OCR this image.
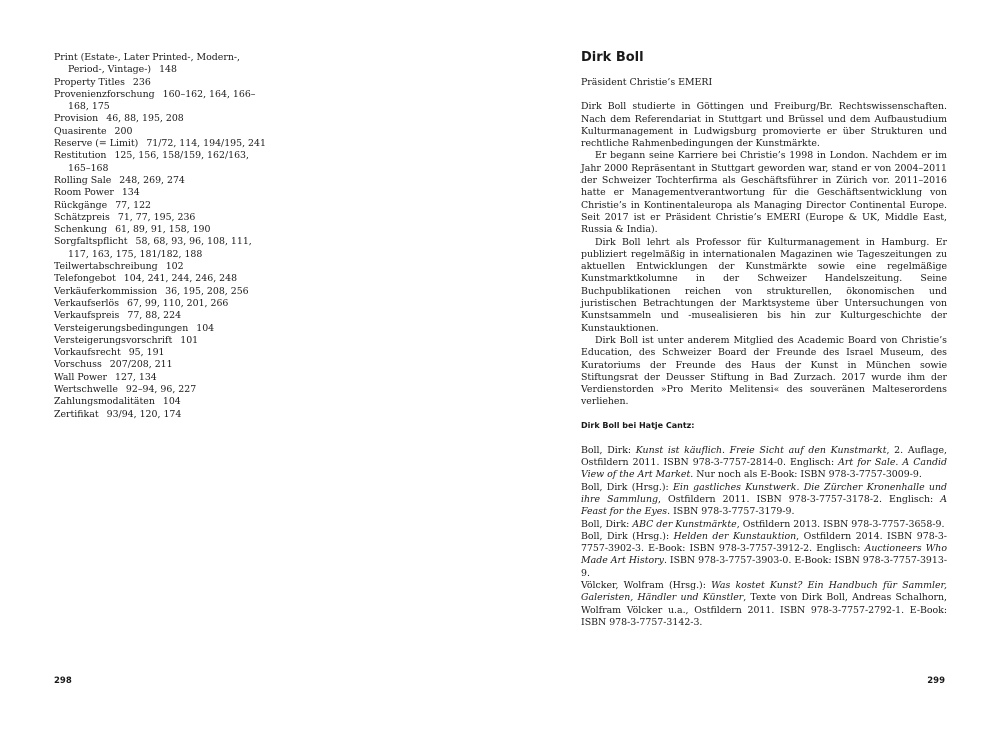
Print (Estate-, Later Printed-, Modern-, Period-, Vintage-) 148
Property Titles 236
Provenienzforschung 160–162, 164, 166–168, 175
Provision 46, 88, 195, 208
Quasirente 200
Reserve (= Limit) 71/72, 114, 194/195, 241
Restitution 125, 156, 158/159, 162/163, 165–168
Rolling Sale 248, 269, 274
Room Power 134
Rückgänge 77, 122
Schätzpreis 71, 77, 195, 236
Schenkung 61, 89, 91, 158, 190
Sorgfaltspflicht 58, 68, 93, 96, 108, 111, 117, 163, 175, 181/182, 188
Teilwertabschreibung 102
Telefongebot 104, 241, 244, 246, 248
Verkäuferkommission 36, 195, 208, 256
Verkaufserlös 67, 99, 110, 201, 266
Verkaufspreis 77, 88, 224
Versteigerungsbedingungen 104
Versteigerungsvorschrift 101
Vorkaufsrecht 95, 191
Vorschuss 207/208, 211
Wall Power 127, 134
Wertschwelle 92–94, 96, 227
Zahlungsmodalitäten 104
Zertifikat 93/94, 120, 174
298
Dirk Boll
Präsident Christie’s EMERI

Dirk Boll studierte in Göttingen und Freiburg/Br. Rechtswissenschaften. Nach dem Referendariat in Stuttgart und Brüssel und dem Aufbaustudium Kulturmanagement in Ludwigsburg promovierte er über Strukturen und rechtliche Rahmenbedingungen der Kunstmärkte.

Er begann seine Karriere bei Christie’s 1998 in London. Nachdem er im Jahr 2000 Repräsentant in Stuttgart geworden war, stand er von 2004–2011 der Schweizer Tochterfirma als Geschäftsführer in Zürich vor. 2011–2016 hatte er Managementverantwortung für die Geschäftsentwicklung von Christie’s in Kontinentaleuropa als Managing Director Continental Europe. Seit 2017 ist er Präsident Christie’s EMERI (Europe & UK, Middle East, Russia & India).

Dirk Boll lehrt als Professor für Kulturmanagement in Hamburg. Er publiziert regelmäßig in internationalen Magazinen wie Tageszeitungen zu aktuellen Entwicklungen der Kunstmärkte sowie eine regelmäßige Kunstmarktkolumne in der Schweizer Handelszeitung. Seine Buchpublikationen reichen von strukturellen, ökonomischen und juristischen Betrachtungen der Marktsysteme über Untersuchungen von Kunstsammeln und -musealisieren bis hin zur Kulturgeschichte der Kunstauktionen.

Dirk Boll ist unter anderem Mitglied des Academic Board von Christie’s Education, des Schweizer Board der Freunde des Israel Museum, des Kuratoriums der Freunde des Haus der Kunst in München sowie Stiftungsrat der Deusser Stiftung in Bad Zurzach. 2017 wurde ihm der Verdienstorden »Pro Merito Melitensi« des souveränen Malteserordens verliehen.

Dirk Boll bei Hatje Cantz:

Boll, Dirk: Kunst ist käuflich. Freie Sicht auf den Kunstmarkt, 2. Auflage, Ostfildern 2011. ISBN 978-3-7757-2814-0. Englisch: Art for Sale. A Candid View of the Art Market. Nur noch als E-Book: ISBN 978-3-7757-3009-9.

Boll, Dirk (Hrsg.): Ein gastliches Kunstwerk. Die Zürcher Kronenhalle und ihre Sammlung, Ostfildern 2011. ISBN 978-3-7757-3178-2. Englisch: A Feast for the Eyes. ISBN 978-3-7757-3179-9.

Boll, Dirk: ABC der Kunstmärkte, Ostfildern 2013. ISBN 978-3-7757-3658-9.

Boll, Dirk (Hrsg.): Helden der Kunstauktion, Ostfildern 2014. ISBN 978-3-7757-3902-3. E-Book: ISBN 978-3-7757-3912-2. Englisch: Auctioneers Who Made Art History. ISBN 978-3-7757-3903-0. E-Book: ISBN 978-3-7757-3913-9.

Völcker, Wolfram (Hrsg.): Was kostet Kunst? Ein Handbuch für Sammler, Galeristen, Händler und Künstler, Texte von Dirk Boll, Andreas Schalhorn, Wolfram Völcker u.a., Ostfildern 2011. ISBN 978-3-7757-2792-1. E-Book: ISBN 978-3-7757-3142-3.

299
